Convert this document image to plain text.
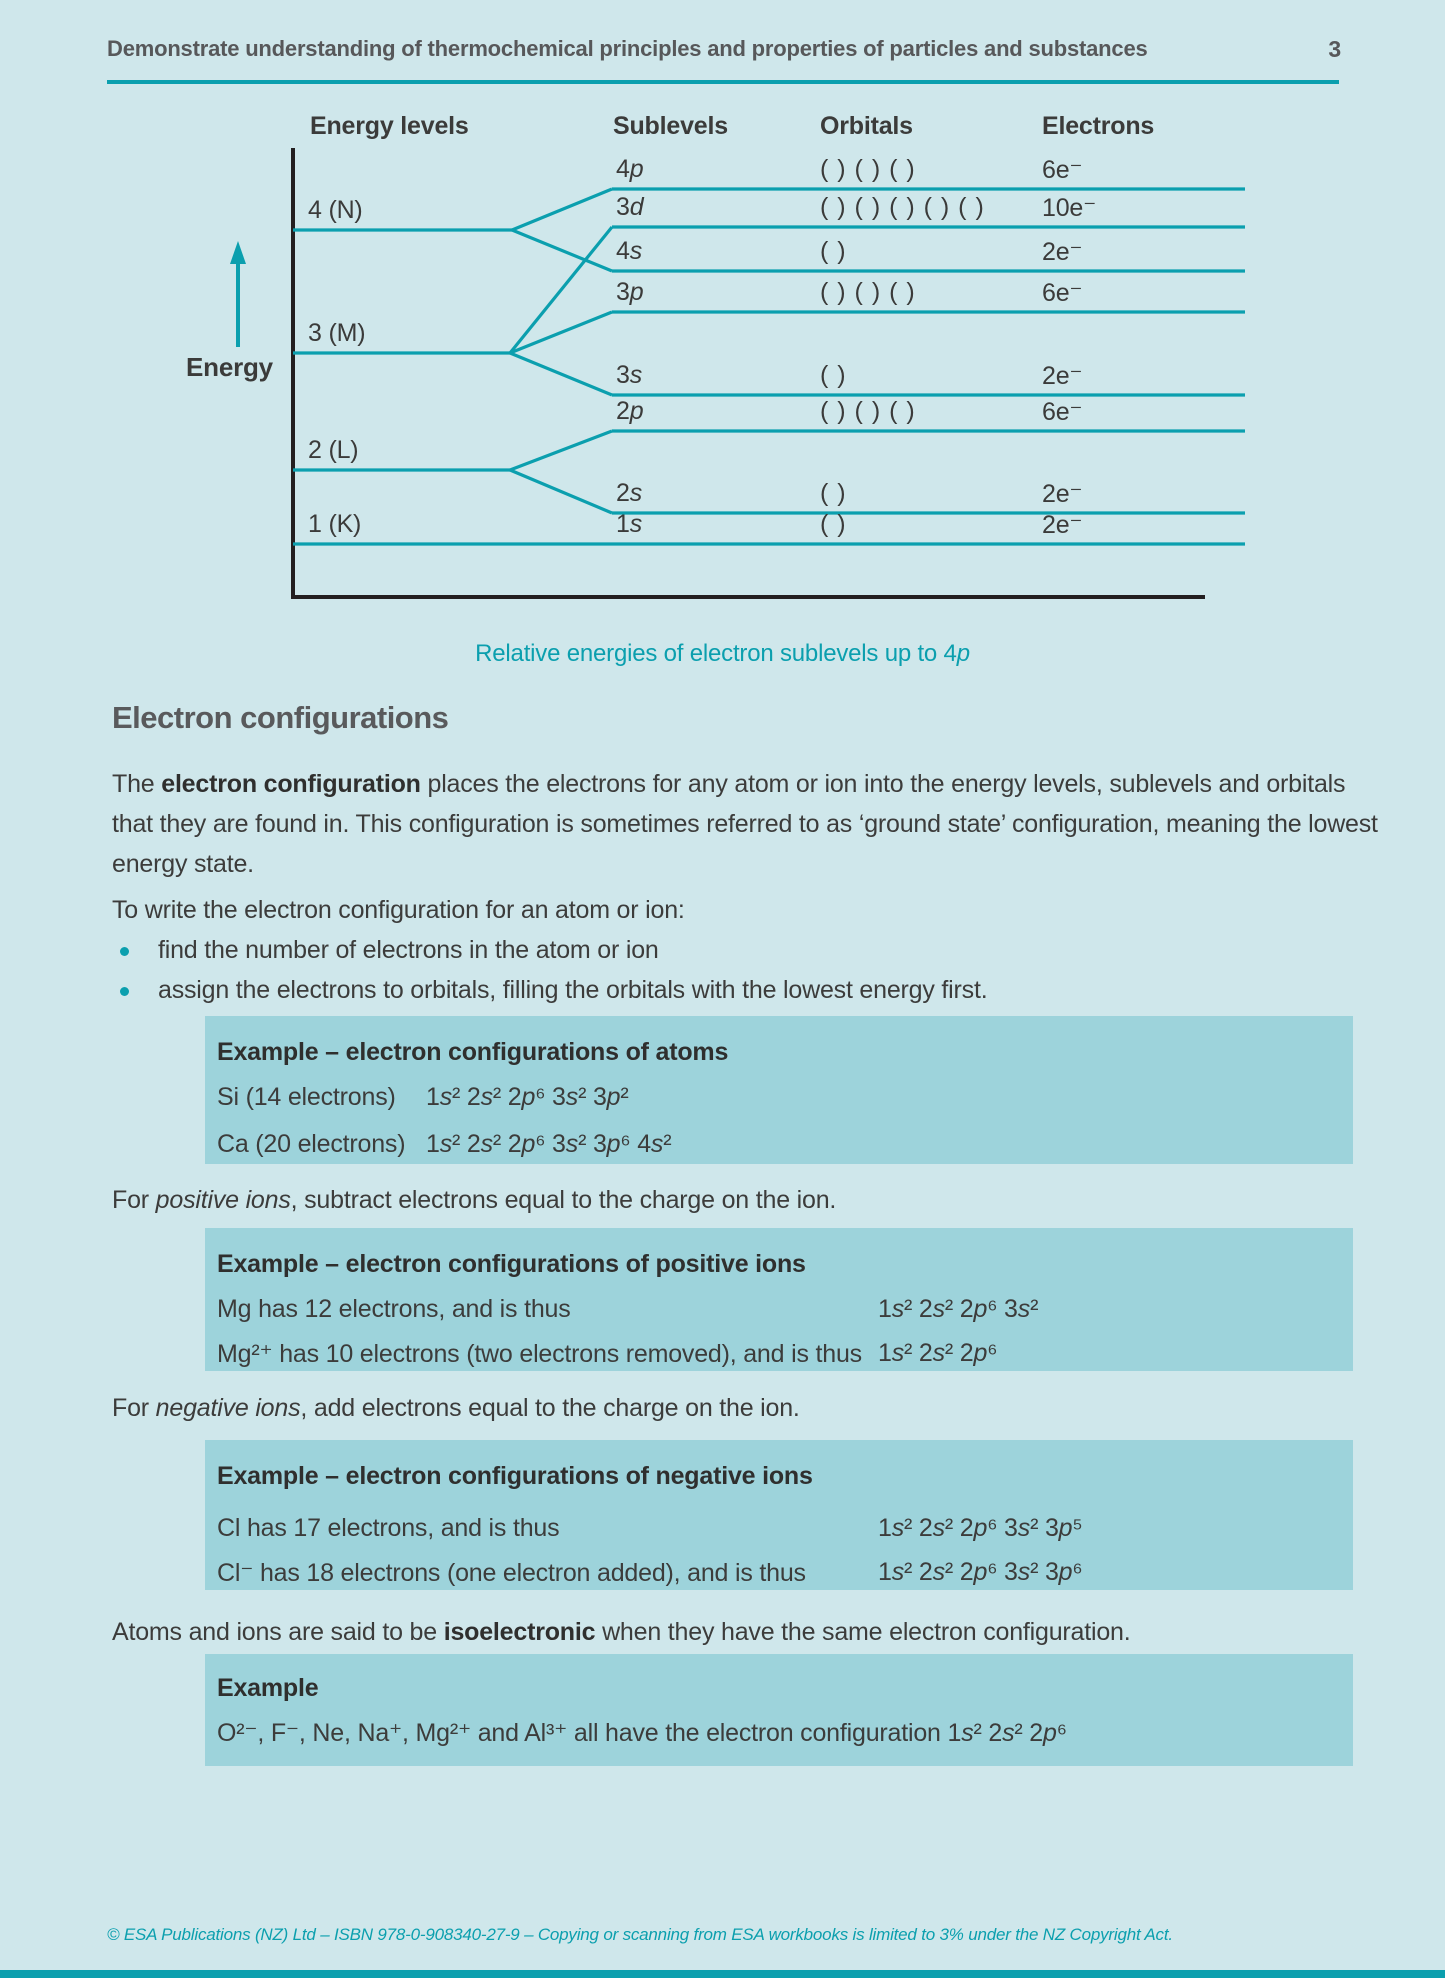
Demonstrate understanding of thermochemical principles and properties of particles and substances	3
Energy levels	Sublevels	Orbitals	Electrons
Energy
4 (N)
3 (M)
2 (L)
1 (K)
4p	( ) ( ) ( )	6e⁻
3d	( ) ( ) ( ) ( ) ( ) 10e⁻
4s	( )	2e⁻
3p	( ) ( ) ( )	6e⁻
3s	( )	2e⁻
2p	( ) ( ) ( )	6e⁻
2s	( )	2e⁻
1s	( )	2e⁻
Relative energies of electron sublevels up to 4p
Electron configurations
The electron configuration places the electrons for any atom or ion into the energy levels, sublevels and orbitals that they are found in. This configuration is sometimes referred to as ‘ground state’ configuration, meaning the lowest energy state.
To write the electron configuration for an atom or ion:
find the number of electrons in the atom or ion
assign the electrons to orbitals, filling the orbitals with the lowest energy first.
Example – electron configurations of atoms
Si (14 electrons) 1s² 2s² 2p⁶ 3s² 3p²
Ca (20 electrons) 1s² 2s² 2p⁶ 3s² 3p⁶ 4s²
For positive ions, subtract electrons equal to the charge on the ion.
Example – electron configurations of positive ions
Mg has 12 electrons, and is thus	1s² 2s² 2p⁶ 3s²
Mg²⁺ has 10 electrons (two electrons removed), and is thus 1s² 2s² 2p⁶
For negative ions, add electrons equal to the charge on the ion.
Example – electron configurations of negative ions
Cl has 17 electrons, and is thus	1s² 2s² 2p⁶ 3s² 3p⁵
Cl⁻ has 18 electrons (one electron added), and is thus	1s² 2s² 2p⁶ 3s² 3p⁶
Atoms and ions are said to be isoelectronic when they have the same electron configuration.
Example
O²⁻, F⁻, Ne, Na⁺, Mg²⁺ and Al³⁺ all have the electron configuration 1s² 2s² 2p⁶
© ESA Publications (NZ) Ltd – ISBN 978-0-908340-27-9 – Copying or scanning from ESA workbooks is limited to 3% under the NZ Copyright Act.
